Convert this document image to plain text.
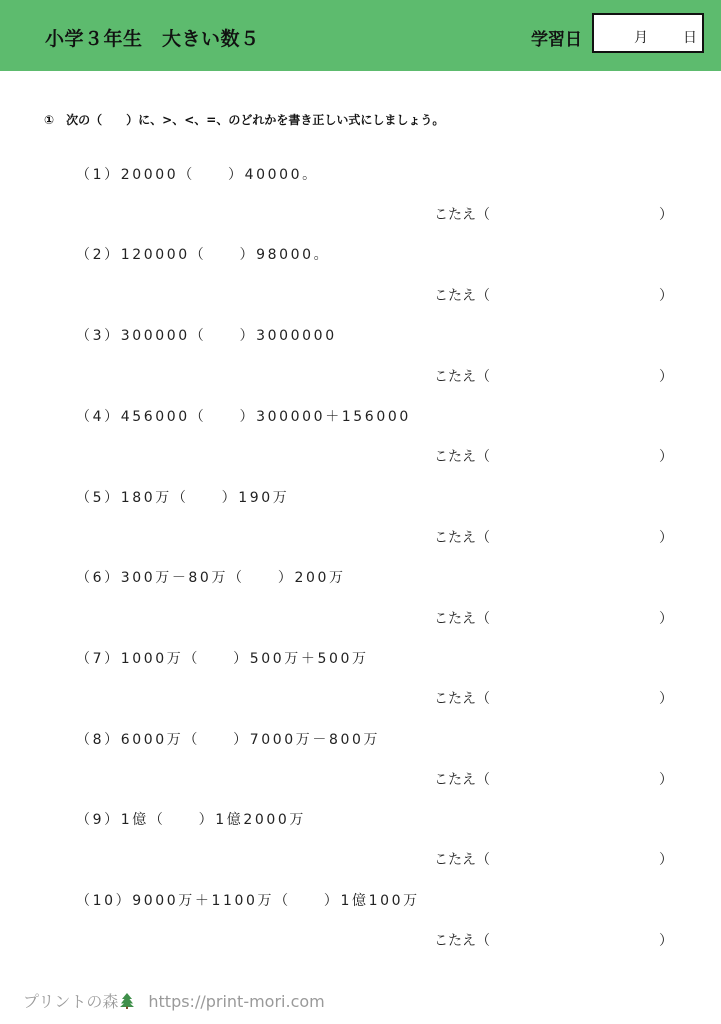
小学３年生　大きい数５	学習日	月	日
①　次の（　　）に、>、<、=、のどれかを書き正しい式にしましょう。
（1）20000（　　）40000。
こたえ（	）
（2）120000（　　）98000。
こたえ（	）
（3）300000（　　）3000000
こたえ（	）
（4）456000（　　）300000＋156000
こたえ（	）
（5）180万（　　）190万
こたえ（	）
（6）300万－80万（　　）200万
こたえ（	）
（7）1000万（　　）500万＋500万
こたえ（	）
（8）6000万（　　）7000万－800万
こたえ（	）
（9）1億（　　）1億2000万
こたえ（	）
（10）9000万＋1100万（　　）1億100万
こたえ（	）
プリントの森 https://print-mori.com
